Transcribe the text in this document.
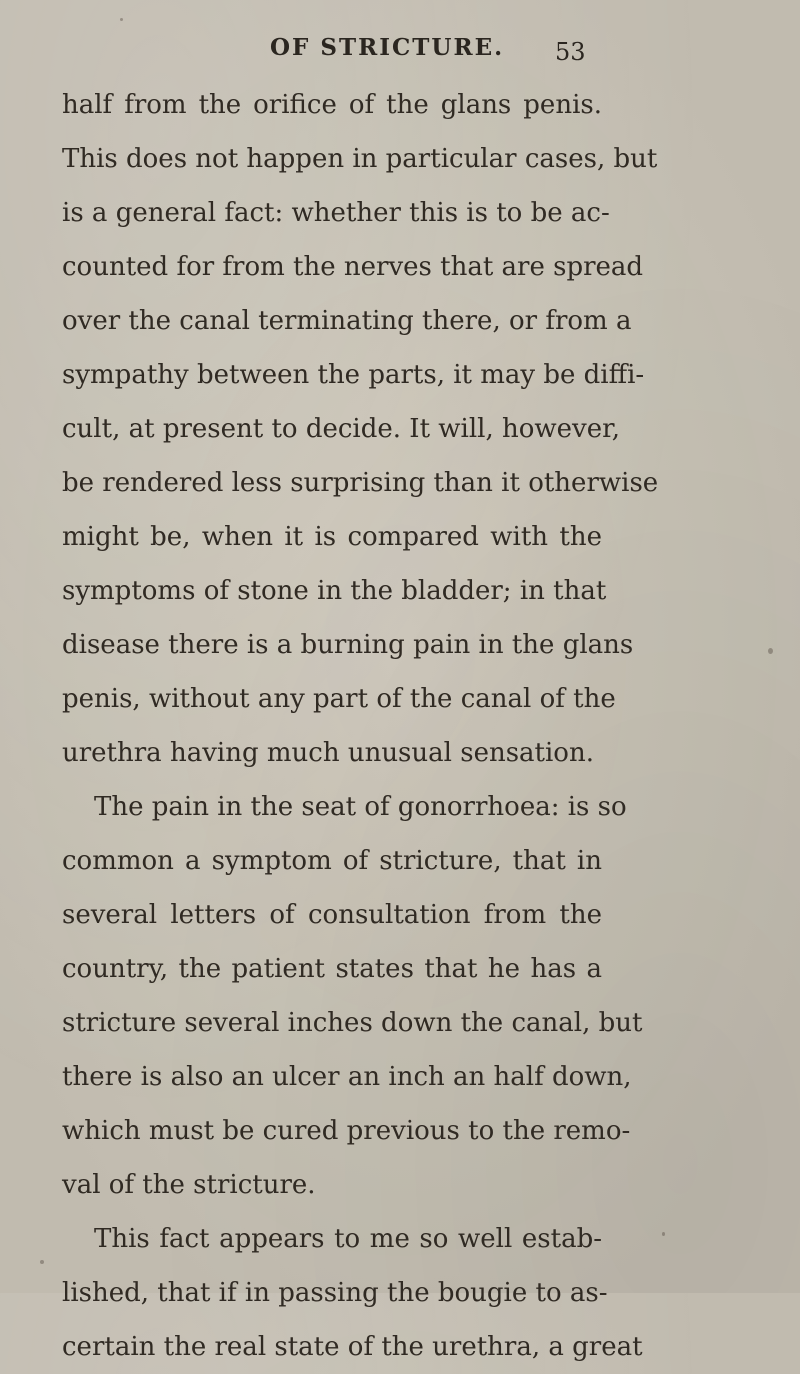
OF STRICTURE. 53
half from the orifice of the glans penis.
This does not happen in particular cases, but
is a general fact: whether this is to be ac-
counted for from the nerves that are spread
over the canal terminating there, or from a
sympathy between the parts, it may be diffi-
cult, at present to decide. It will, however,
be rendered less surprising than it otherwise
might be, when it is compared with the
symptoms of stone in the bladder; in that
disease there is a burning pain in the glans
penis, without any part of the canal of the
urethra having much unusual sensation.
The pain in the seat of gonorrhoea: is so
common a symptom of stricture, that in
several letters of consultation from the
country, the patient states that he has a
stricture several inches down the canal, but
there is also an ulcer an inch an half down,
which must be cured previous to the remo-
val of the stricture.
This fact appears to me so well estab-
lished, that if in passing the bougie to as-
certain the real state of the urethra, a great
